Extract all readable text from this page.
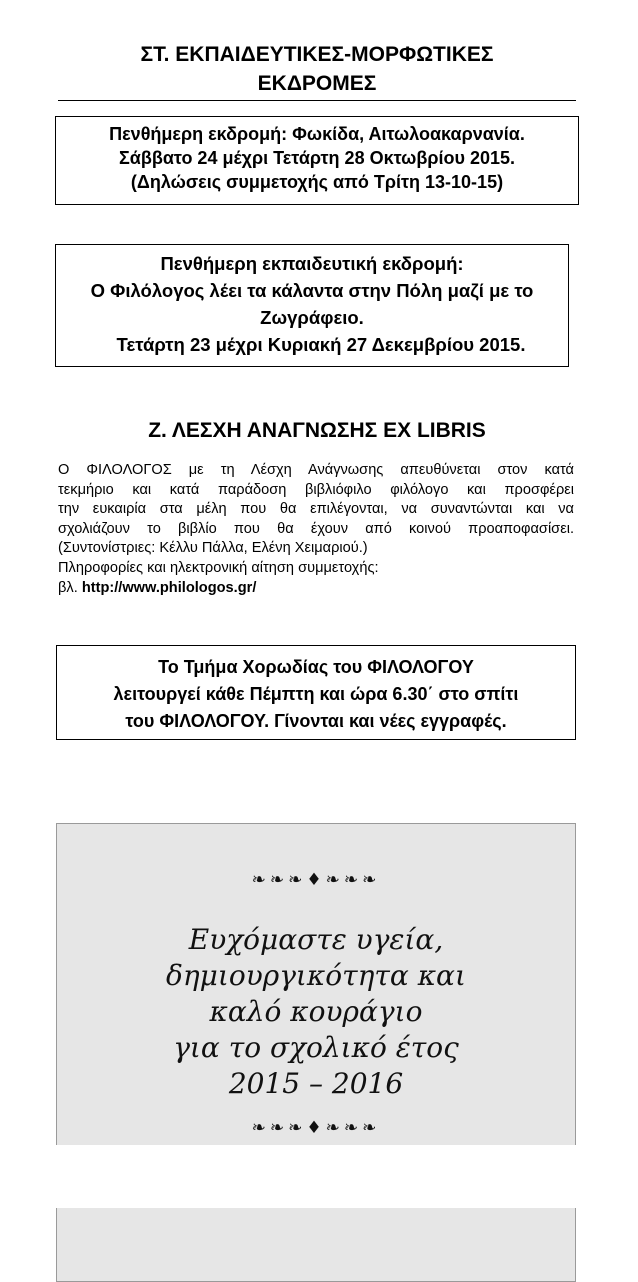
ΣΤ. ΕΚΠΑΙΔΕΥΤΙΚΕΣ-ΜΟΡΦΩΤΙΚΕΣ
ΕΚΔΡΟΜΕΣ
Πενθήμερη εκδρομή: Φωκίδα, Αιτωλοακαρνανία.
Σάββατο 24 μέχρι Τετάρτη 28 Οκτωβρίου 2015.
(Δηλώσεις συμμετοχής από Τρίτη 13-10-15)
Πενθήμερη εκπαιδευτική εκδρομή:
Ο Φιλόλογος λέει τα κάλαντα στην Πόλη μαζί με το
Ζωγράφειο.
Τετάρτη 23 μέχρι Κυριακή 27 Δεκεμβρίου 2015.
Ζ. ΛΕΣΧΗ ΑΝΑΓΝΩΣΗΣ EX LIBRIS
Ο ΦΙΛΟΛΟΓΟΣ με τη Λέσχη Ανάγνωσης απευθύνεται στον κατά
τεκμήριο και κατά παράδοση βιβλιόφιλο φιλόλογο και προσφέρει
την ευκαιρία στα μέλη που θα επιλέγονται, να συναντώνται και να
σχολιάζουν το βιβλίο που θα έχουν από κοινού προαποφασίσει.
(Συντονίστριες: Κέλλυ Πάλλα, Ελένη Χειμαριού.)
Πληροφορίες και ηλεκτρονική αίτηση συμμετοχής:
βλ. http://www.philologos.gr/
Το Τμήμα Χορωδίας του ΦΙΛΟΛΟΓΟΥ
λειτουργεί κάθε Πέμπτη και ώρα 6.30΄ στο σπίτι
του ΦΙΛΟΛΟΓΟΥ. Γίνονται και νέες εγγραφές.
❧❧❧♦❧❧❧
Ευχόμαστε υγεία,
δημιουργικότητα και
καλό κουράγιο
για το σχολικό έτος
2015 – 2016
❧❧❧♦❧❧❧
